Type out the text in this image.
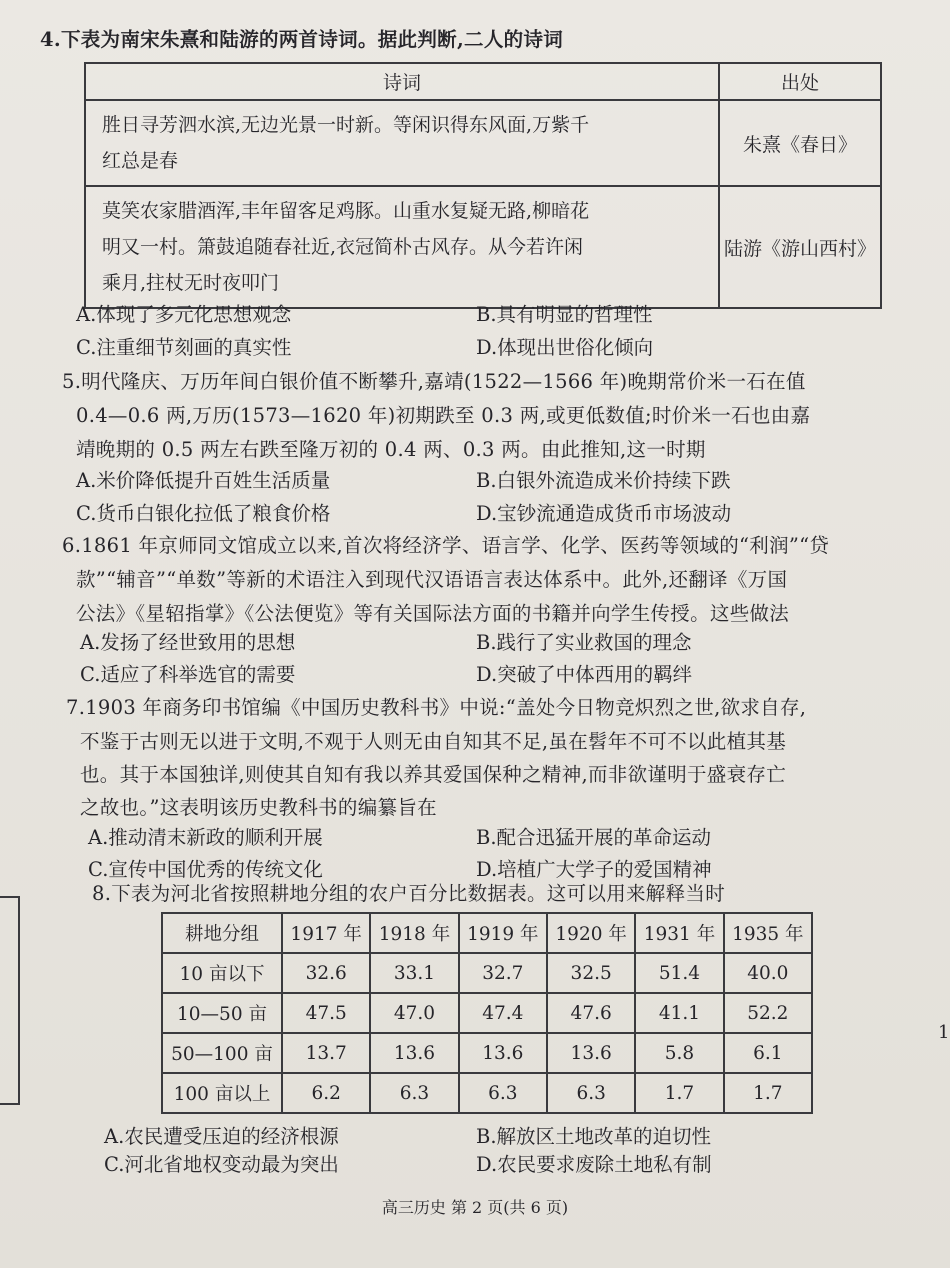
4.下表为南宋朱熹和陆游的两首诗词。据此判断,二人的诗词
诗词	出处

胜日寻芳泗水滨,无边光景一时新。等闲识得东风面,万紫千
红总是春	朱熹《春日》

莫笑农家腊酒浑,丰年留客足鸡豚。山重水复疑无路,柳暗花
明又一村。箫鼓追随春社近,衣冠简朴古风存。从今若许闲
乘月,拄杖无时夜叩门	陆游《游山西村》
A.体现了多元化思想观念	B.具有明显的哲理性
C.注重细节刻画的真实性	D.体现出世俗化倾向
5.明代隆庆、万历年间白银价值不断攀升,嘉靖(1522—1566 年)晚期常价米一石在值
0.4—0.6 两,万历(1573—1620 年)初期跌至 0.3 两,或更低数值;时价米一石也由嘉
靖晚期的 0.5 两左右跌至隆万初的 0.4 两、0.3 两。由此推知,这一时期
A.米价降低提升百姓生活质量	B.白银外流造成米价持续下跌
C.货币白银化拉低了粮食价格	D.宝钞流通造成货币市场波动
6.1861 年京师同文馆成立以来,首次将经济学、语言学、化学、医药等领域的“利润”“贷
款”“辅音”“单数”等新的术语注入到现代汉语语言表达体系中。此外,还翻译《万国
公法》《星轺指掌》《公法便览》等有关国际法方面的书籍并向学生传授。这些做法
A.发扬了经世致用的思想	B.践行了实业救国的理念
C.适应了科举选官的需要	D.突破了中体西用的羁绊
7.1903 年商务印书馆编《中国历史教科书》中说:“盖处今日物竞炽烈之世,欲求自存,
不鉴于古则无以进于文明,不观于人则无由自知其不足,虽在髫年不可不以此植其基
也。其于本国独详,则使其自知有我以养其爱国保种之精神,而非欲谨明于盛衰存亡
之故也。”这表明该历史教科书的编纂旨在
A.推动清末新政的顺利开展	B.配合迅猛开展的革命运动
C.宣传中国优秀的传统文化	D.培植广大学子的爱国精神
8.下表为河北省按照耕地分组的农户百分比数据表。这可以用来解释当时
耕地分组	1917 年	1918 年	1919 年	1920 年	1931 年	1935 年
10 亩以下	32.6	33.1	32.7	32.5	51.4	40.0
10—50 亩	47.5	47.0	47.4	47.6	41.1	52.2
50—100 亩	13.7	13.6	13.6	13.6	5.8	6.1
100 亩以上	6.2	6.3	6.3	6.3	1.7	1.7
A.农民遭受压迫的经济根源	B.解放区土地改革的迫切性
C.河北省地权变动最为突出	D.农民要求废除土地私有制
高三历史 第 2 页(共 6 页)
1
